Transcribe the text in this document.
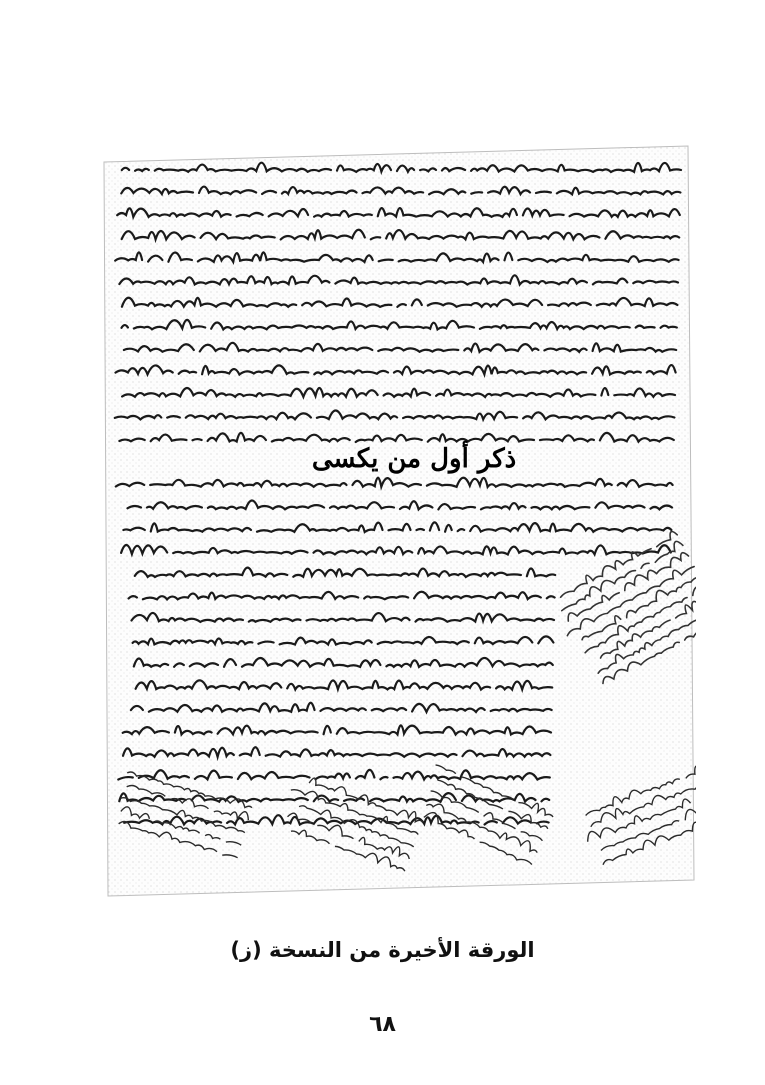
ذكر أول من يكسى
الورقة الأخيرة من النسخة (ز)
٦٨
